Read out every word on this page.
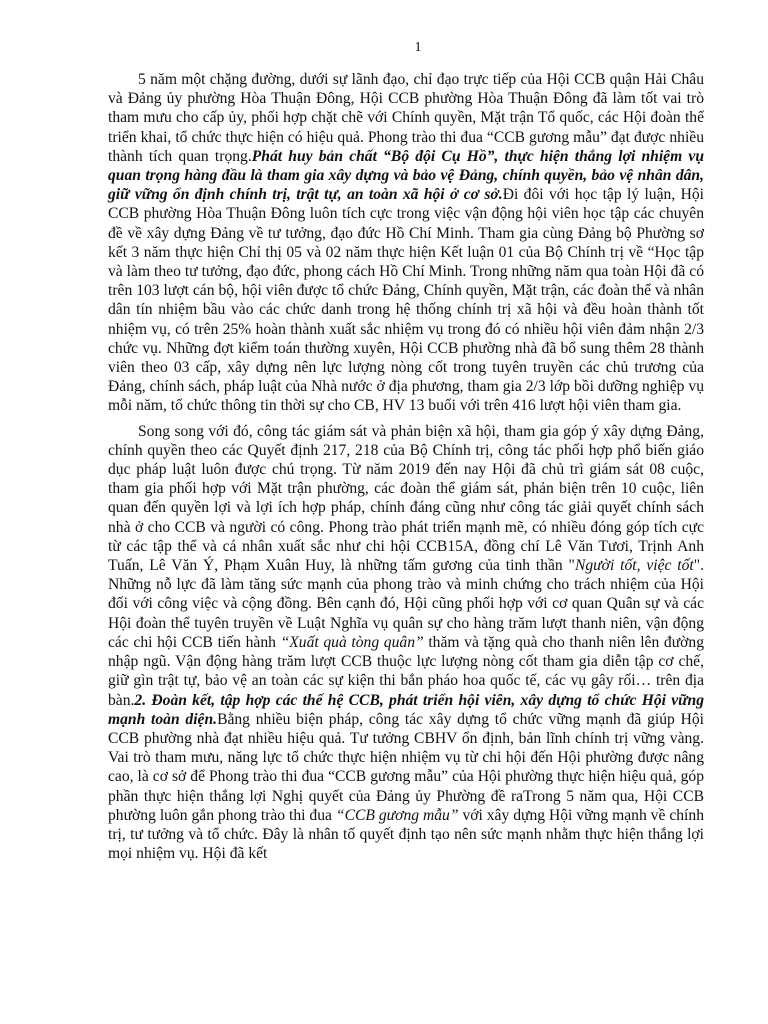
1

5 năm một chặng đường, dưới sự lãnh đạo, chỉ đạo trực tiếp của Hội CCB quận Hải Châu và Đảng ủy phường Hòa Thuận Đông, Hội CCB phường Hòa Thuận Đông đã làm tốt vai trò tham mưu cho cấp ủy, phối hợp chặt chẽ với Chính quyền, Mặt trận Tổ quốc, các Hội đoàn thể triển khai, tổ chức thực hiện có hiệu quả. Phong trào thi đua “CCB gương mẫu” đạt được nhiều thành tích quan trọng.Phát huy bản chất “Bộ đội Cụ Hồ”, thực hiện thắng lợi nhiệm vụ quan trọng hàng đầu là tham gia xây dựng và bảo vệ Đảng, chính quyền, bảo vệ nhân dân, giữ vững ổn định chính trị, trật tự, an toàn xã hội ở cơ sở.Đi đôi với học tập lý luận, Hội CCB phường Hòa Thuận Đông luôn tích cực trong việc vận động hội viên học tập các chuyên đề về xây dựng Đảng về tư tưởng, đạo đức Hồ Chí Minh. Tham gia cùng Đảng bộ Phường sơ kết 3 năm thực hiện Chỉ thị 05 và 02 năm thực hiện Kết luận 01 của Bộ Chính trị về “Học tập và làm theo tư tưởng, đạo đức, phong cách Hồ Chí Minh. Trong những năm qua toàn Hội đã có trên 103 lượt cán bộ, hội viên được tổ chức Đảng, Chính quyền, Mặt trận, các đoàn thể và nhân dân tín nhiệm bầu vào các chức danh trong hệ thống chính trị xã hội và đều hoàn thành tốt nhiệm vụ, có trên 25% hoàn thành xuất sắc nhiệm vụ trong đó có nhiều hội viên đảm nhận 2/3 chức vụ. Những đợt kiểm toán thường xuyên, Hội CCB phường nhà đã bổ sung thêm 28 thành viên theo 03 cấp, xây dựng nên lực lượng nòng cốt trong tuyên truyền các chủ trương của Đảng, chính sách, pháp luật của Nhà nước ở địa phương, tham gia 2/3 lớp bồi dưỡng nghiệp vụ mỗi năm, tổ chức thông tin thời sự cho CB, HV 13 buổi với trên 416 lượt hội viên tham gia.

Song song với đó, công tác giám sát và phản biện xã hội, tham gia góp ý xây dựng Đảng, chính quyền theo các Quyết định 217, 218 của Bộ Chính trị, công tác phối hợp phổ biến giáo dục pháp luật luôn được chú trọng. Từ năm 2019 đến nay Hội đã chủ trì giám sát 08 cuộc, tham gia phối hợp với Mặt trận phường, các đoàn thể giám sát, phản biện trên 10 cuộc, liên quan đến quyền lợi và lợi ích hợp pháp, chính đáng cũng như công tác giải quyết chính sách nhà ở cho CCB và người có công. Phong trào phát triển mạnh mẽ, có nhiều đóng góp tích cực từ các tập thể và cá nhân xuất sắc như chi hội CCB15A, đồng chí Lê Văn Tươi, Trịnh Anh Tuấn, Lê Văn Ý, Phạm Xuân Huy, là những tấm gương của tinh thần "Người tốt, việc tốt". Những nỗ lực đã làm tăng sức mạnh của phong trào và minh chứng cho trách nhiệm của Hội đối với công việc và cộng đồng. Bên cạnh đó, Hội cũng phối hợp với cơ quan Quân sự và các Hội đoàn thể tuyên truyền về Luật Nghĩa vụ quân sự cho hàng trăm lượt thanh niên, vận động các chi hội CCB tiến hành “Xuất quà tòng quân” thăm và tặng quà cho thanh niên lên đường nhập ngũ. Vận động hàng trăm lượt CCB thuộc lực lượng nòng cốt tham gia diễn tập cơ chế, giữ gìn trật tự, bảo vệ an toàn các sự kiện thi bắn pháo hoa quốc tế, các vụ gây rối… trên địa bàn.2. Đoàn kết, tập hợp các thế hệ CCB, phát triển hội viên, xây dựng tổ chức Hội vững mạnh toàn diện.Bằng nhiều biện pháp, công tác xây dựng tổ chức vững mạnh đã giúp Hội CCB phường nhà đạt nhiều hiệu quả. Tư tưởng CBHV ổn định, bản lĩnh chính trị vững vàng. Vai trò tham mưu, năng lực tổ chức thực hiện nhiệm vụ từ chi hội đến Hội phường được nâng cao, là cơ sở để Phong trào thi đua “CCB gương mẫu” của Hội phường thực hiện hiệu quả, góp phần thực hiện thắng lợi Nghị quyết của Đảng ủy Phường đề raTrong 5 năm qua, Hội CCB phường luôn gắn phong trào thi đua “CCB gương mẫu” với xây dựng Hội vững mạnh về chính trị, tư tưởng và tổ chức. Đây là nhân tố quyết định tạo nên sức mạnh nhằm thực hiện thắng lợi mọi nhiệm vụ. Hội đã kết
